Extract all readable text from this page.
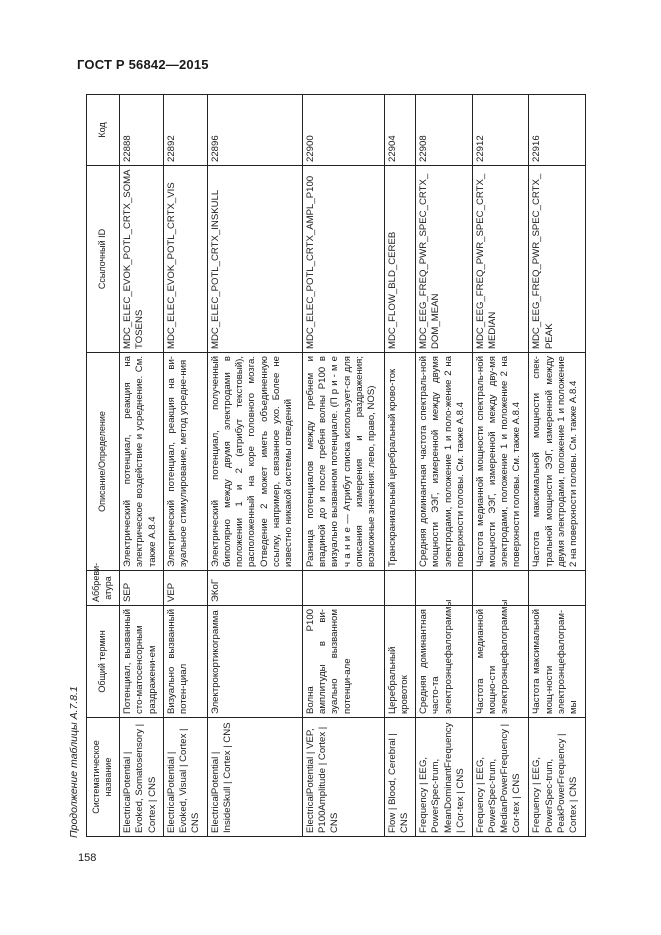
ГОСТ Р 56842—2015
Продолжение таблицы А.7.8.1 Систематическое название	Общий термин	Аббреви-атура	Описание/Определение	Ссылочный ID	Код
ElectricalPotential | Evoked, Somatosensory | Cortex | CNS	Потенциал, вызванный сто-матосенсорным раздражени-ем	SEP	Электрический потенциал, реакция на электрическое воздействие и усреднение. См. также А.8.4	MDC_ELEC_EVOK_POTL_CRTX_SOMATOSENS	22888
ElectricalPotential | Evoked, Visual | Cortex | CNS	Визуально вызванный потен-циал	VEP	Электрический потенциал, реакция на ви-зуальное стимулирование, метод усредне-ния	MDC_ELEC_EVOK_POTL_CRTX_VIS	22892
ElectricalPotential | InsideSkull | Cortex | CNS	Электрокортикограмма	ЭКоГ	Электрический потенциал, полученный биполярно между двумя электродами в положении 1 и 2 (атрибут текстовый), расположенный на коре головного мозга. Отведение 2 может иметь объединенную ссылку, например, связанное ухо. Более не известно никакой системы отведений	MDC_ELEC_POTL_CRTX_INSKULL	22896
ElectricalPotential | VEP, P100Amplitude | Cortex | CNS	Волна P100 амплитуды в ви-зуально вызванном потенци-але		Разница потенциалов между гребнем и впадиной до и после гребня волны P100 в визуально вызванном потенциале. (П р и - м е ч а н и е — Атрибут списка использует-ся для описания измерения и раздражения; возможные значения: лево, право, NOS)	MDC_ELEC_POTL_CRTX_AMPL_P100	22900
Flow | Blood, Cerebral | CNS	Церебральный кровоток		Транскраниальный церебральный крово-ток	MDC_FLOW_BLD_CEREB	22904
Frequency | EEG, PowerSpec-trum, MeanDominantFrequency | Cor-tex | CNS	Средняя доминантная часто-та электроэнцефалограммы		Средняя доминантная частота спектраль-ной мощности ЭЭГ, измеренной между двумя электродами, положение 1 и поло-жение 2 на поверхности головы. См. также А.8.4	MDC_EEG_FREQ_PWR_SPEC_CRTX_DOM_MEAN	22908
Frequency | EEG, PowerSpec-trum, MedianPowerFrequency | Cor-tex | CNS	Частота медианной мощно-сти электроэнцефалограммы		Частота медианной мощности спектраль-ной мощности ЭЭГ, измеренной между дву-мя электродами, положение 1 и положение 2 на поверхности головы. См. также А.8.4	MDC_EEG_FREQ_PWR_SPEC_CRTX_MEDIAN	22912
Frequency | EEG, PowerSpec-trum, PeakPowerFrequency | Cortex | CNS	Частота максимальной мощ-ности электроэнцефалограм-мы		Частота максимальной мощности спек-тральной мощности ЭЭГ, измеренной между двумя электродами, положение 1 и положение 2 на поверхности головы. См. также А.8.4	MDC_EEG_FREQ_PWR_SPEC_CRTX_PEAK	22916
158
